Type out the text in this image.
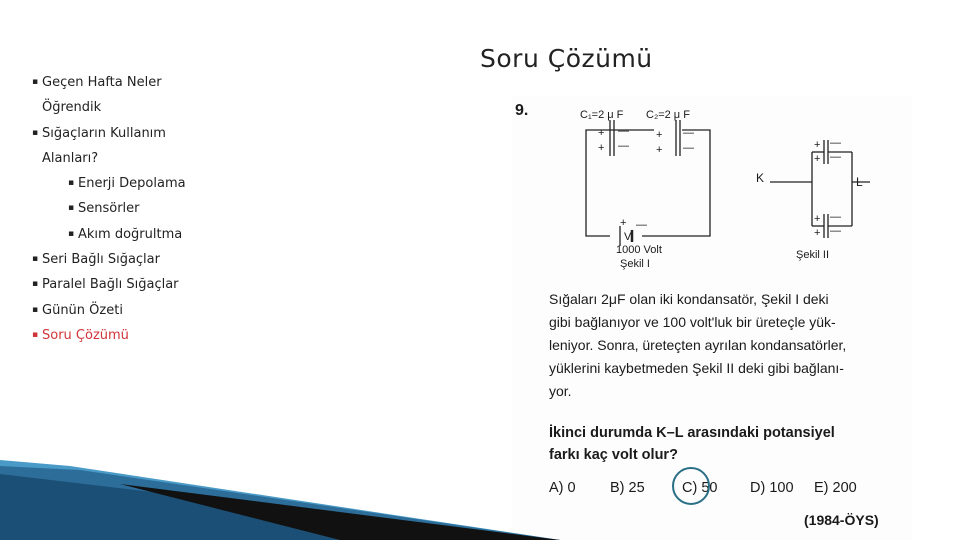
▪ Geçen Hafta Neler
Öğrendik
▪ Sığaçların Kullanım
Alanları?
▪ Enerji Depolama
▪ Sensörler
▪ Akım doğrultma
▪ Seri Bağlı Sığaçlar
▪ Paralel Bağlı Sığaçlar
▪ Günün Özeti
▪ Soru Çözümü
Soru Çözümü
9.	C₁=2 μ F C₂=2 μ F
+
+
—
—
+
+
—
—
+
V
—
1000 Volt
Şekil I
K	L
+
+
—
—
+
+
—
—
Şekil II
Sığaları 2μF olan iki kondansatör, Şekil I deki
gibi bağlanıyor ve 100 volt'luk bir üreteçle yük-
leniyor. Sonra, üreteçten ayrılan kondansatörler,
yüklerini kaybetmeden Şekil II deki gibi bağlanı-
yor.
İkinci durumda K–L arasındaki potansiyel
farkı kaç volt olur?
A) 0 B) 25	C) 50 D) 100 E) 200
(1984-ÖYS)
